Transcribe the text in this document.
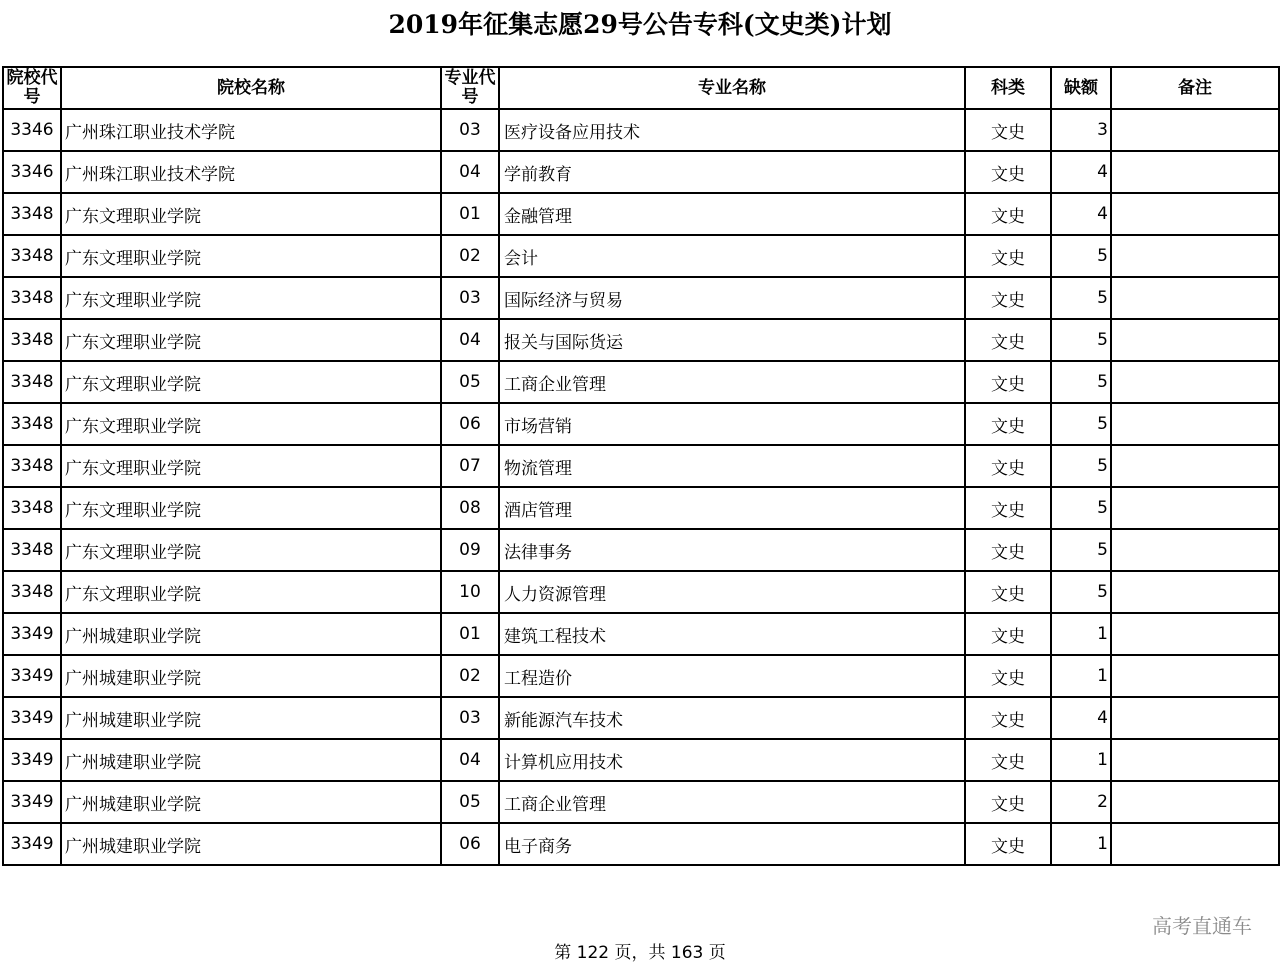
2019年征集志愿29号公告专科(文史类)计划
院校代号	院校名称	专业代号	专业名称	科类	缺额	备注
3346	广州珠江职业技术学院	03	医疗设备应用技术	文史	3	
3346	广州珠江职业技术学院	04	学前教育	文史	4	
3348	广东文理职业学院	01	金融管理	文史	4	
3348	广东文理职业学院	02	会计	文史	5	
3348	广东文理职业学院	03	国际经济与贸易	文史	5	
3348	广东文理职业学院	04	报关与国际货运	文史	5	
3348	广东文理职业学院	05	工商企业管理	文史	5	
3348	广东文理职业学院	06	市场营销	文史	5	
3348	广东文理职业学院	07	物流管理	文史	5	
3348	广东文理职业学院	08	酒店管理	文史	5	
3348	广东文理职业学院	09	法律事务	文史	5	
3348	广东文理职业学院	10	人力资源管理	文史	5	
3349	广州城建职业学院	01	建筑工程技术	文史	1	
3349	广州城建职业学院	02	工程造价	文史	1	
3349	广州城建职业学院	03	新能源汽车技术	文史	4	
3349	广州城建职业学院	04	计算机应用技术	文史	1	
3349	广州城建职业学院	05	工商企业管理	文史	2	
3349	广州城建职业学院	06	电子商务	文史	1	
高考直通车
第 122 页，共 163 页
